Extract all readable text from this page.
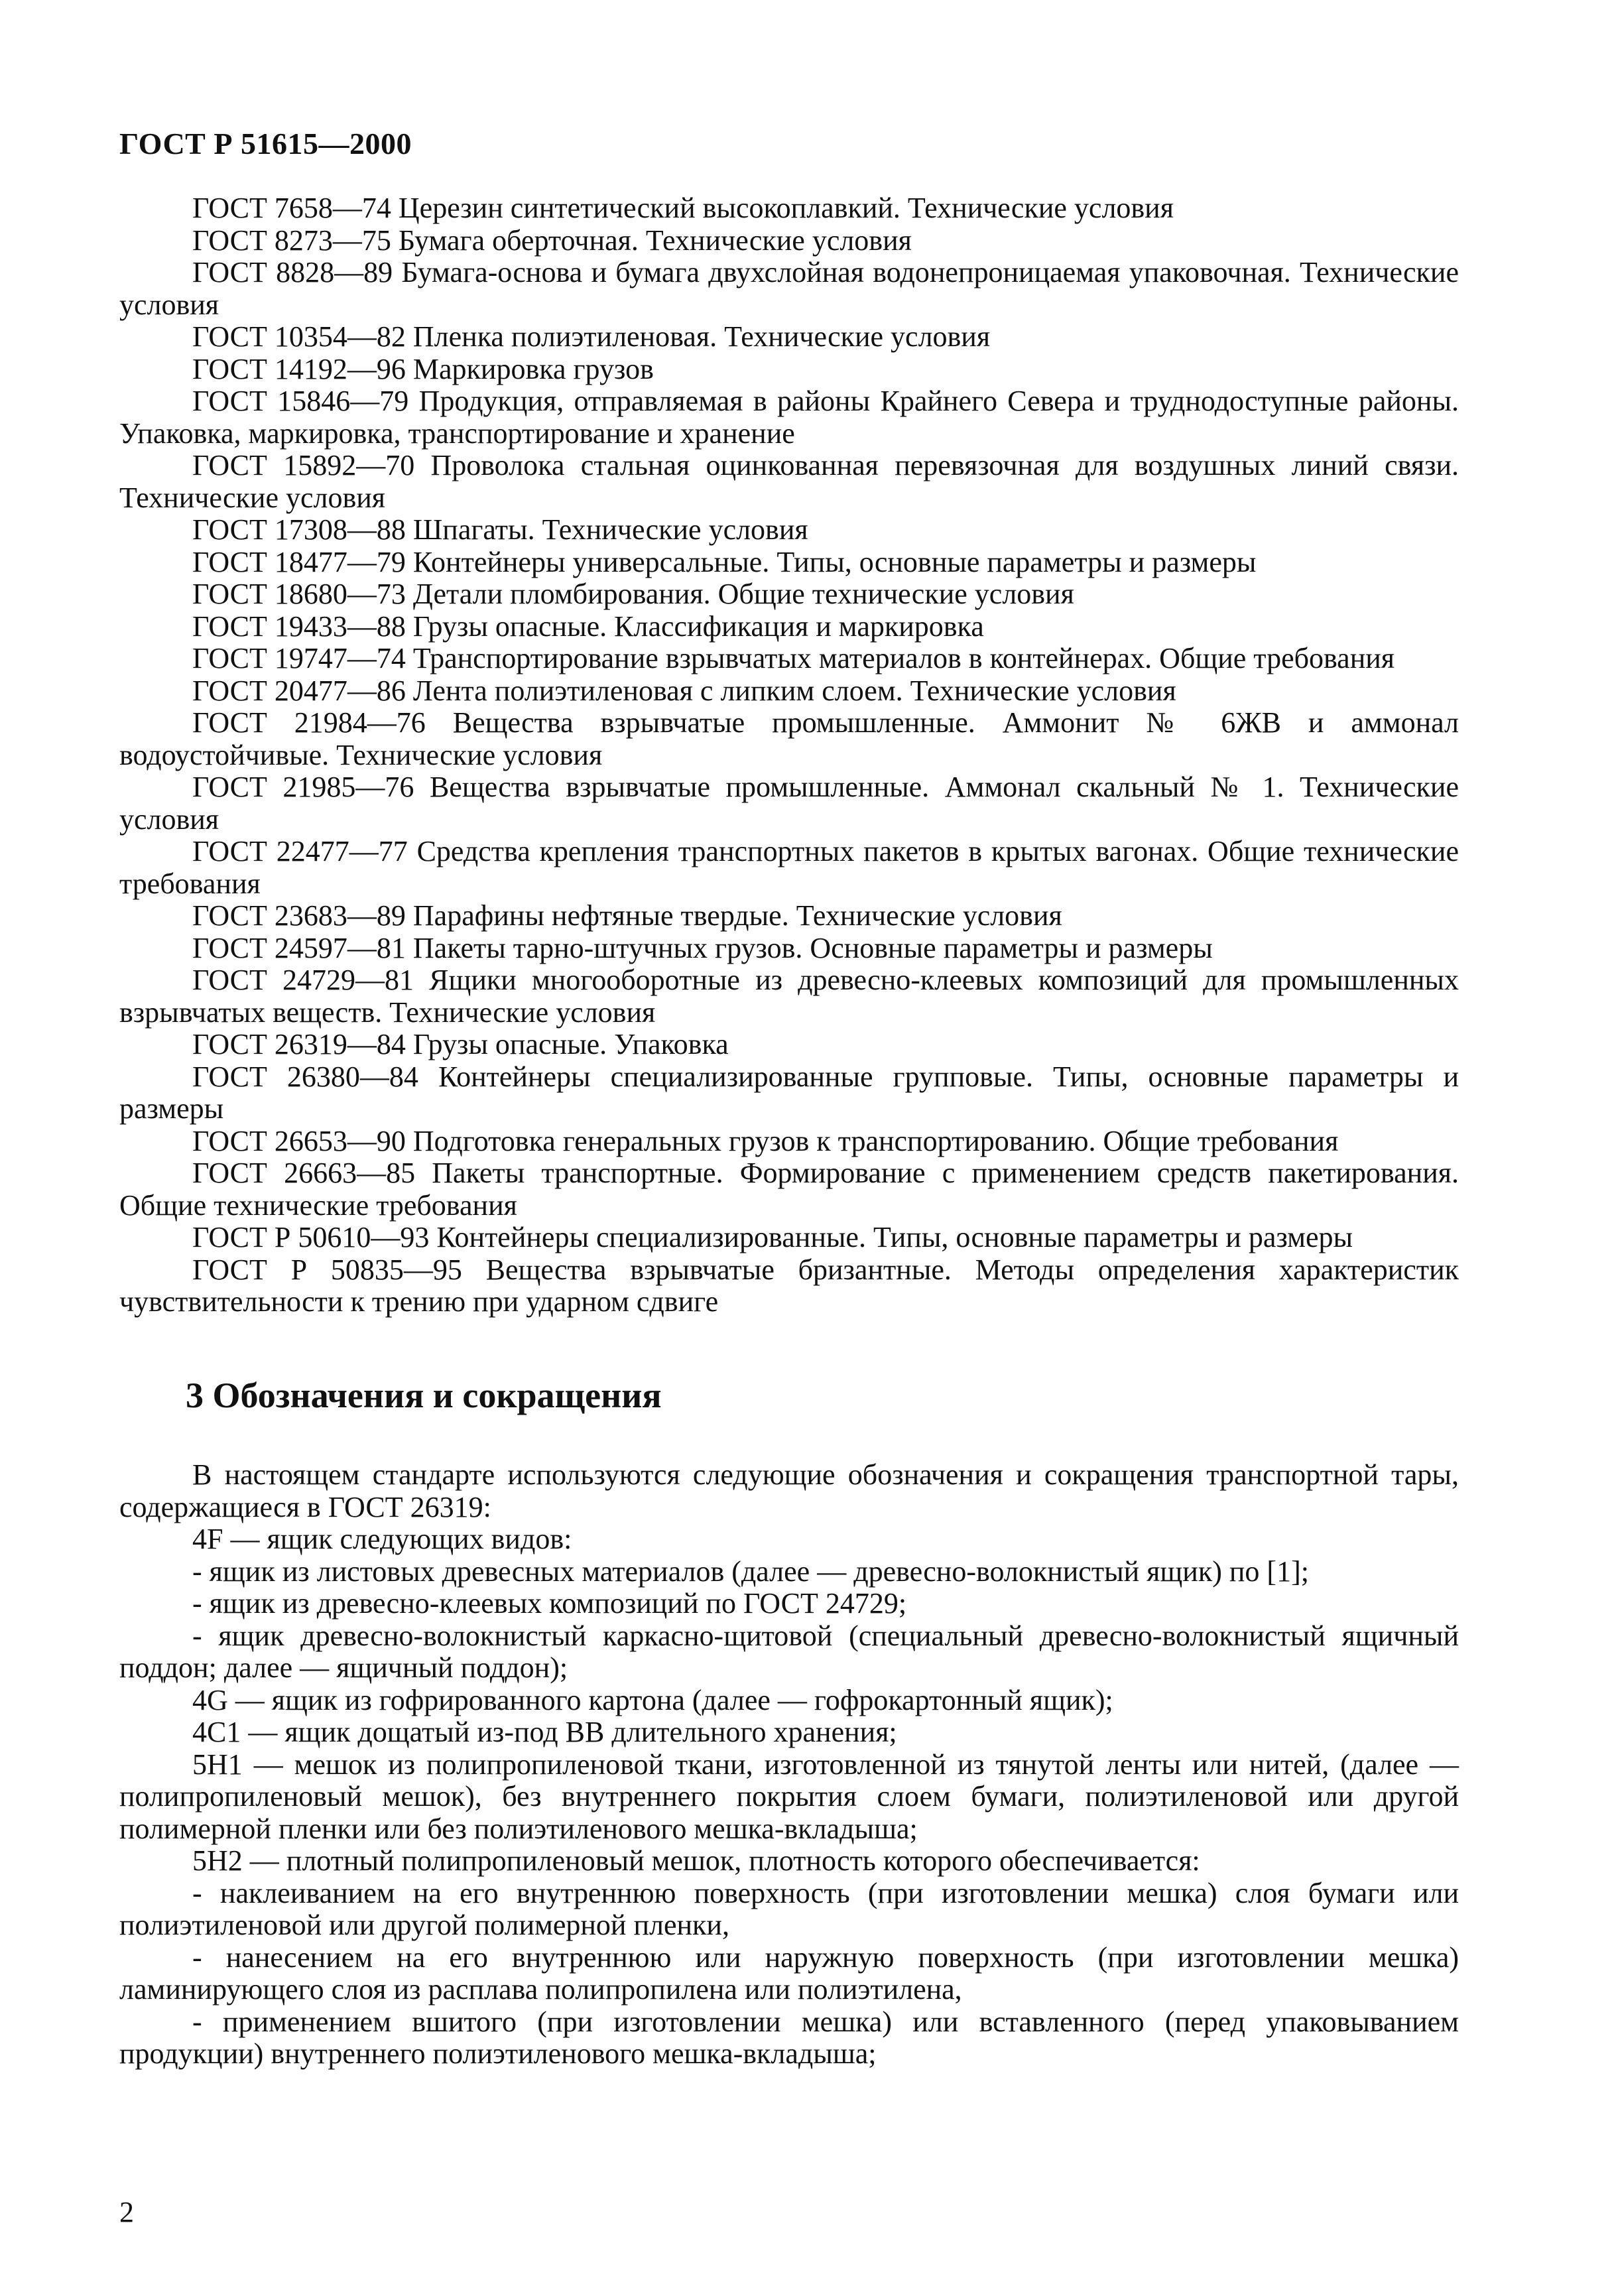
ГОСТ Р 51615—2000

ГОСТ 7658—74 Церезин синтетический высокоплавкий. Технические условия

ГОСТ 8273—75 Бумага оберточная. Технические условия

ГОСТ 8828—89 Бумага-основа и бумага двухслойная водонепроницаемая упаковочная. Технические условия

ГОСТ 10354—82 Пленка полиэтиленовая. Технические условия

ГОСТ 14192—96 Маркировка грузов

ГОСТ 15846—79 Продукция, отправляемая в районы Крайнего Севера и труднодоступные районы. Упаковка, маркировка, транспортирование и хранение

ГОСТ 15892—70 Проволока стальная оцинкованная перевязочная для воздушных линий связи. Технические условия

ГОСТ 17308—88 Шпагаты. Технические условия

ГОСТ 18477—79 Контейнеры универсальные. Типы, основные параметры и размеры

ГОСТ 18680—73 Детали пломбирования. Общие технические условия

ГОСТ 19433—88 Грузы опасные. Классификация и маркировка

ГОСТ 19747—74 Транспортирование взрывчатых материалов в контейнерах. Общие требования

ГОСТ 20477—86 Лента полиэтиленовая с липким слоем. Технические условия

ГОСТ 21984—76 Вещества взрывчатые промышленные. Аммонит № 6ЖВ и аммонал водоустойчивые. Технические условия

ГОСТ 21985—76 Вещества взрывчатые промышленные. Аммонал скальный № 1. Технические условия

ГОСТ 22477—77 Средства крепления транспортных пакетов в крытых вагонах. Общие технические требования

ГОСТ 23683—89 Парафины нефтяные твердые. Технические условия

ГОСТ 24597—81 Пакеты тарно-штучных грузов. Основные параметры и размеры

ГОСТ 24729—81 Ящики многооборотные из древесно-клеевых композиций для промышленных взрывчатых веществ. Технические условия

ГОСТ 26319—84 Грузы опасные. Упаковка

ГОСТ 26380—84 Контейнеры специализированные групповые. Типы, основные параметры и размеры

ГОСТ 26653—90 Подготовка генеральных грузов к транспортированию. Общие требования

ГОСТ 26663—85 Пакеты транспортные. Формирование с применением средств пакетирования. Общие технические требования

ГОСТ Р 50610—93 Контейнеры специализированные. Типы, основные параметры и размеры

ГОСТ Р 50835—95 Вещества взрывчатые бризантные. Методы определения характеристик чувствительности к трению при ударном сдвиге

3 Обозначения и сокращения

В настоящем стандарте используются следующие обозначения и сокращения транспортной тары, содержащиеся в ГОСТ 26319:

4F — ящик следующих видов:

- ящик из листовых древесных материалов (далее — древесно-волокнистый ящик) по [1];

- ящик из древесно-клеевых композиций по ГОСТ 24729;

- ящик древесно-волокнистый каркасно-щитовой (специальный древесно-волокнистый ящичный поддон; далее — ящичный поддон);

4G — ящик из гофрированного картона (далее — гофрокартонный ящик);

4C1 — ящик дощатый из-под ВВ длительного хранения;

5H1 — мешок из полипропиленовой ткани, изготовленной из тянутой ленты или нитей, (далее — полипропиленовый мешок), без внутреннего покрытия слоем бумаги, полиэтиленовой или другой полимерной пленки или без полиэтиленового мешка-вкладыша;

5H2 — плотный полипропиленовый мешок, плотность которого обеспечивается:

- наклеиванием на его внутреннюю поверхность (при изготовлении мешка) слоя бумаги или полиэтиленовой или другой полимерной пленки,

- нанесением на его внутреннюю или наружную поверхность (при изготовлении мешка) ламинирующего слоя из расплава полипропилена или полиэтилена,

- применением вшитого (при изготовлении мешка) или вставленного (перед упаковыванием продукции) внутреннего полиэтиленового мешка-вкладыша;

2
